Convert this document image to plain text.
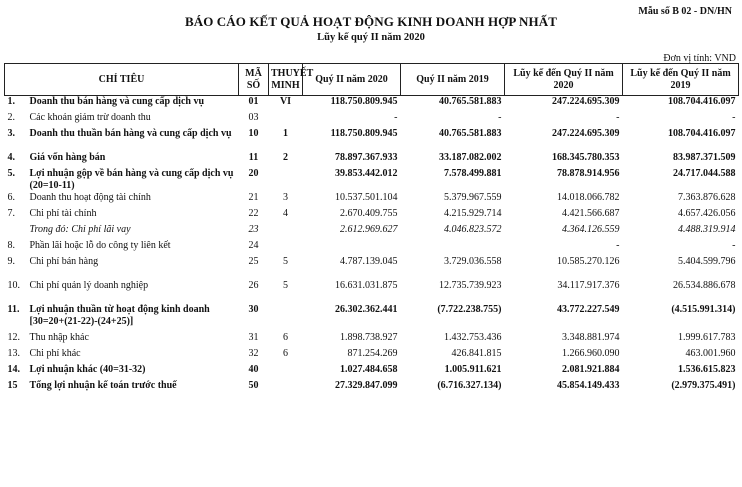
Mẫu số B 02 - DN/HN
BÁO CÁO KẾT QUẢ HOẠT ĐỘNG KINH DOANH HỢP NHẤT
Lũy kế quý II năm 2020
Đơn vị tính: VND
CHỈ TIÊU		MÃ SỐ	THUYẾT MINH	Quý II năm 2020	Quý II năm 2019	Lũy kế đến Quý II năm 2020	Lũy kế đến Quý II năm 2019
1.	Doanh thu bán hàng và cung cấp dịch vụ	01	VI	118.750.809.945	40.765.581.883	247.224.695.309	108.704.416.097
2.	Các khoản giảm trừ doanh thu	03		-	-	-	-
3.	Doanh thu thuần bán hàng và cung cấp dịch vụ	10	1	118.750.809.945	40.765.581.883	247.224.695.309	108.704.416.097
4.	Giá vốn hàng bán	11	2	78.897.367.933	33.187.082.002	168.345.780.353	83.987.371.509
5.	Lợi nhuận gộp về bán hàng và cung cấp dịch vụ (20=10-11)	20		39.853.442.012	7.578.499.881	78.878.914.956	24.717.044.588
6.	Doanh thu hoạt động tài chính	21	3	10.537.501.104	5.379.967.559	14.018.066.782	7.363.876.628
7.	Chi phí tài chính	22	4	2.670.409.755	4.215.929.714	4.421.566.687	4.657.426.056
	Trong đó: Chi phí lãi vay	23		2.612.969.627	4.046.823.572	4.364.126.559	4.488.319.914
8.	Phần lãi hoặc lỗ do công ty liên kết	24				-	-
9.	Chi phí bán hàng	25	5	4.787.139.045	3.729.036.558	10.585.270.126	5.404.599.796
10.	Chi phí quản lý doanh nghiệp	26	5	16.631.031.875	12.735.739.923	34.117.917.376	26.534.886.678
11.	Lợi nhuận thuần từ hoạt động kinh doanh [30=20+(21-22)-(24+25)]	30		26.302.362.441	(7.722.238.755)	43.772.227.549	(4.515.991.314)
12.	Thu nhập khác	31	6	1.898.738.927	1.432.753.436	3.348.881.974	1.999.617.783
13.	Chi phí khác	32	6	871.254.269	426.841.815	1.266.960.090	463.001.960
14.	Lợi nhuận khác (40=31-32)	40		1.027.484.658	1.005.911.621	2.081.921.884	1.536.615.823
15	Tổng lợi nhuận kế toán trước thuế	50		27.329.847.099	(6.716.327.134)	45.854.149.433	(2.979.375.491)
